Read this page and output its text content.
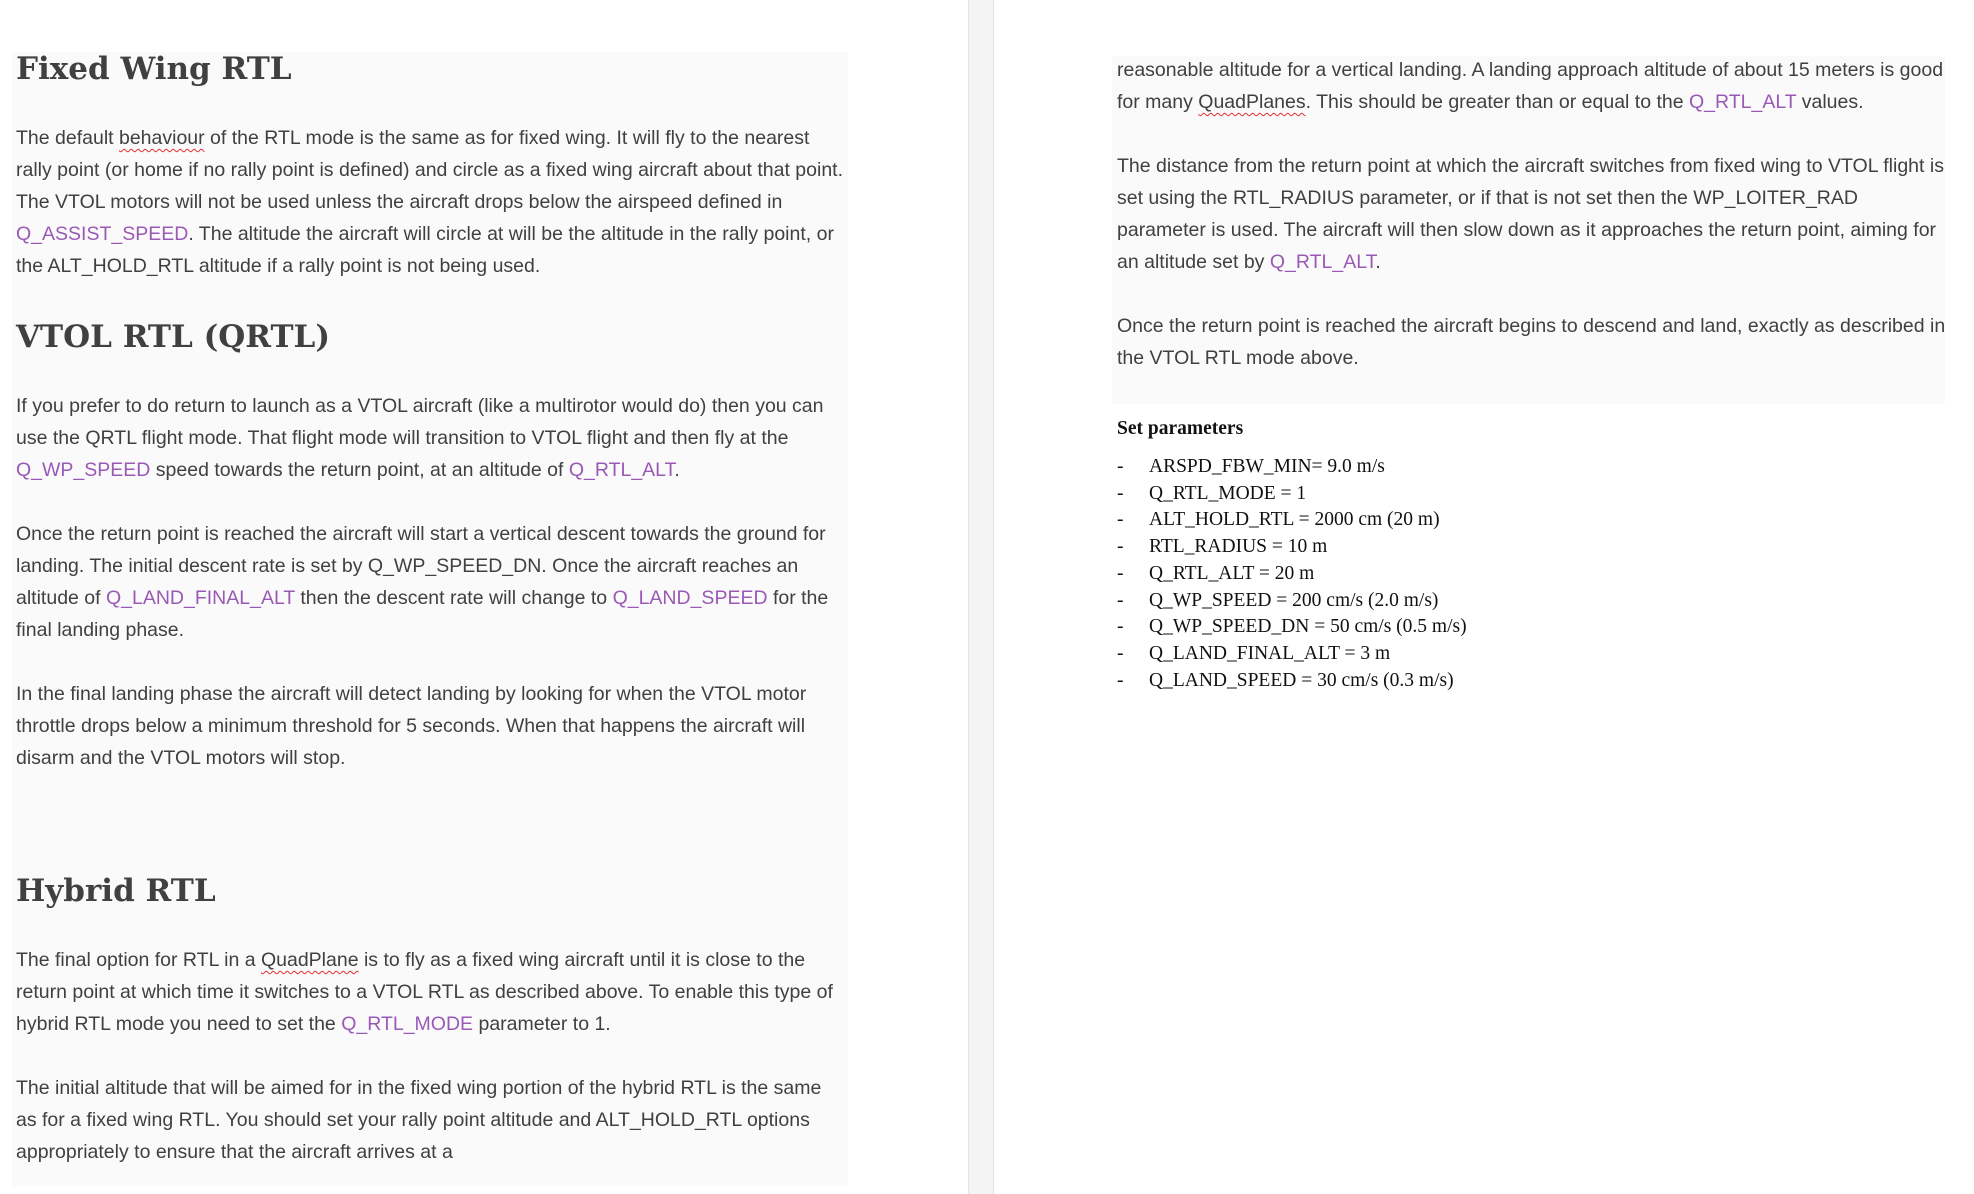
Fixed Wing RTL

The default behaviour of the RTL mode is the same as for fixed wing. It will fly to the nearest rally point (or home if no rally point is defined) and circle as a fixed wing aircraft about that point. The VTOL motors will not be used unless the aircraft drops below the airspeed defined in Q_ASSIST_SPEED. The altitude the aircraft will circle at will be the altitude in the rally point, or the ALT_HOLD_RTL altitude if a rally point is not being used.

VTOL RTL (QRTL)

If you prefer to do return to launch as a VTOL aircraft (like a multirotor would do) then you can use the QRTL flight mode. That flight mode will transition to VTOL flight and then fly at the Q_WP_SPEED speed towards the return point, at an altitude of Q_RTL_ALT.

Once the return point is reached the aircraft will start a vertical descent towards the ground for landing. The initial descent rate is set by Q_WP_SPEED_DN. Once the aircraft reaches an altitude of Q_LAND_FINAL_ALT then the descent rate will change to Q_LAND_SPEED for the final landing phase.

In the final landing phase the aircraft will detect landing by looking for when the VTOL motor throttle drops below a minimum threshold for 5 seconds. When that happens the aircraft will disarm and the VTOL motors will stop.

Hybrid RTL

The final option for RTL in a QuadPlane is to fly as a fixed wing aircraft until it is close to the return point at which time it switches to a VTOL RTL as described above. To enable this type of hybrid RTL mode you need to set the Q_RTL_MODE parameter to 1.

The initial altitude that will be aimed for in the fixed wing portion of the hybrid RTL is the same as for a fixed wing RTL. You should set your rally point altitude and ALT_HOLD_RTL options appropriately to ensure that the aircraft arrives at a

reasonable altitude for a vertical landing. A landing approach altitude of about 15 meters is good for many QuadPlanes. This should be greater than or equal to the Q_RTL_ALT values.

The distance from the return point at which the aircraft switches from fixed wing to VTOL flight is set using the RTL_RADIUS parameter, or if that is not set then the WP_LOITER_RAD parameter is used. The aircraft will then slow down as it approaches the return point, aiming for an altitude set by Q_RTL_ALT.

Once the return point is reached the aircraft begins to descend and land, exactly as described in the VTOL RTL mode above.

Set parameters
- ARSPD_FBW_MIN= 9.0 m/s
- Q_RTL_MODE = 1
- ALT_HOLD_RTL = 2000 cm (20 m)
- RTL_RADIUS = 10 m
- Q_RTL_ALT = 20 m
- Q_WP_SPEED = 200 cm/s (2.0 m/s)
- Q_WP_SPEED_DN = 50 cm/s (0.5 m/s)
- Q_LAND_FINAL_ALT = 3 m
- Q_LAND_SPEED = 30 cm/s (0.3 m/s)
